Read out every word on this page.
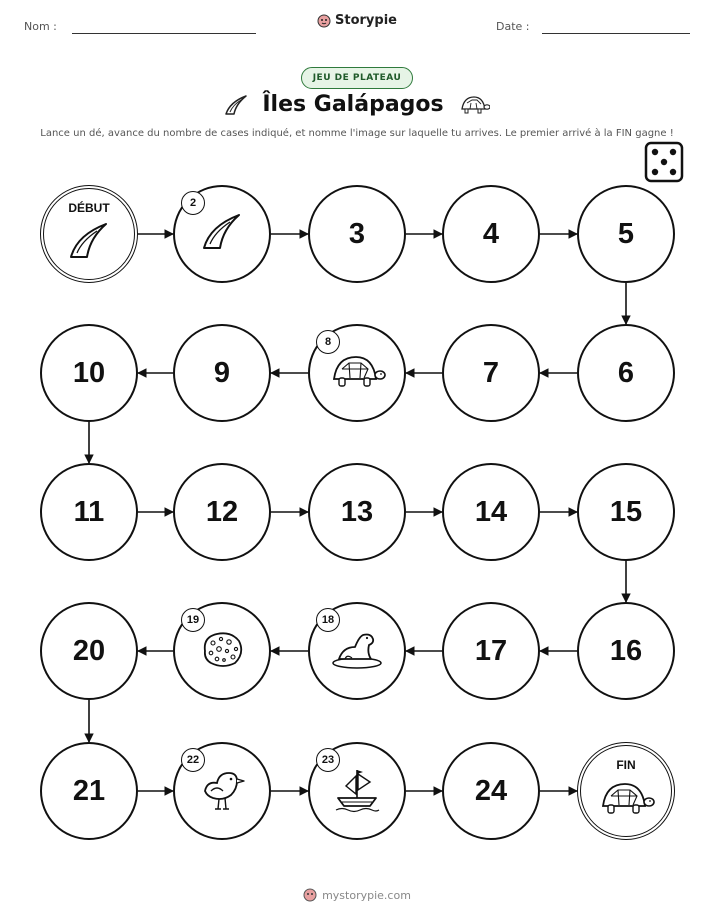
Nom :	Storypie	Date :
JEU DE PLATEAU
Îles Galápagos
Lance un dé, avance du nombre de cases indiqué, et nomme l'image sur laquelle tu arrives. Le premier arrivé à la FIN gagne !
DÉBUT	2
3	4	5
6
7
8
9
10
11	12	13	14	15
16
17
18
19
20
21
22	23
24
FIN
mystorypie.com
